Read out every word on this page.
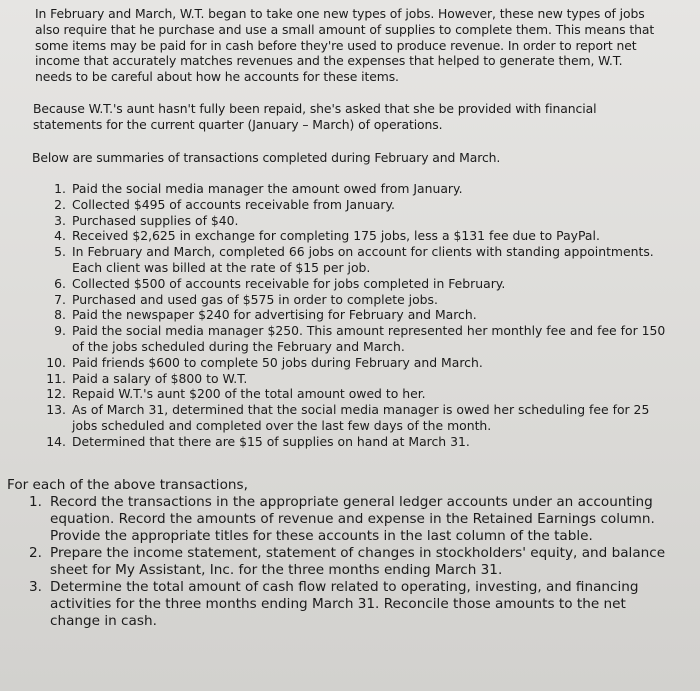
In February and March, W.T. began to take one new types of jobs. However, these new types of jobs also require that he purchase and use a small amount of supplies to complete them. This means that some items may be paid for in cash before they're used to produce revenue. In order to report net income that accurately matches revenues and the expenses that helped to generate them, W.T. needs to be careful about how he accounts for these items.

Because W.T.'s aunt hasn't fully been repaid, she's asked that she be provided with financial statements for the current quarter (January – March) of operations.

Below are summaries of transactions completed during February and March.

1. Paid the social media manager the amount owed from January.
2. Collected $495 of accounts receivable from January.
3. Purchased supplies of $40.
4. Received $2,625 in exchange for completing 175 jobs, less a $131 fee due to PayPal.
5. In February and March, completed 66 jobs on account for clients with standing appointments. Each client was billed at the rate of $15 per job.
6. Collected $500 of accounts receivable for jobs completed in February.
7. Purchased and used gas of $575 in order to complete jobs.
8. Paid the newspaper $240 for advertising for February and March.
9. Paid the social media manager $250. This amount represented her monthly fee and fee for 150 of the jobs scheduled during the February and March.
10. Paid friends $600 to complete 50 jobs during February and March.
11. Paid a salary of $800 to W.T.
12. Repaid W.T.'s aunt $200 of the total amount owed to her.
13. As of March 31, determined that the social media manager is owed her scheduling fee for 25 jobs scheduled and completed over the last few days of the month.
14. Determined that there are $15 of supplies on hand at March 31.

For each of the above transactions,

1. Record the transactions in the appropriate general ledger accounts under an accounting equation. Record the amounts of revenue and expense in the Retained Earnings column. Provide the appropriate titles for these accounts in the last column of the table.
2. Prepare the income statement, statement of changes in stockholders' equity, and balance sheet for My Assistant, Inc. for the three months ending March 31.
3. Determine the total amount of cash flow related to operating, investing, and financing activities for the three months ending March 31. Reconcile those amounts to the net change in cash.
